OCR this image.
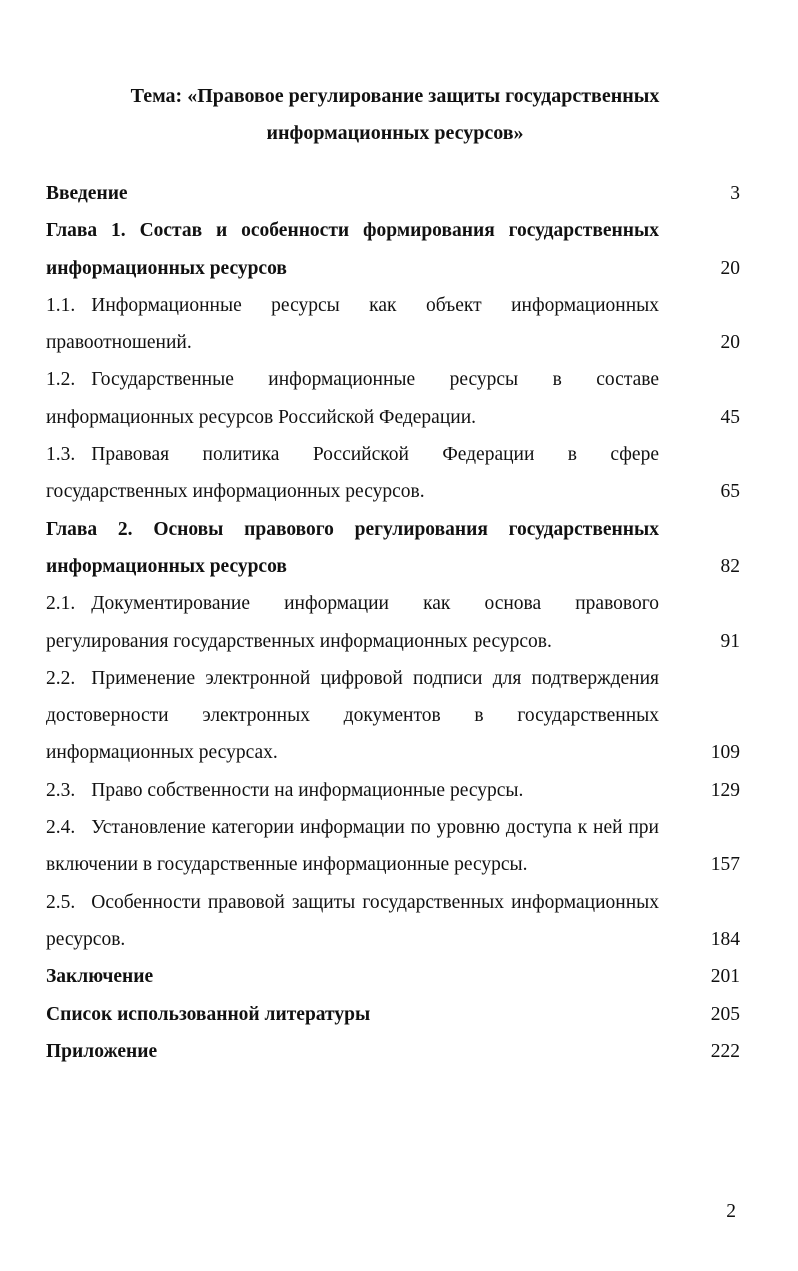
Тема: «Правовое регулирование защиты государственных
информационных ресурсов»
Введение	3
Глава 1. Состав и особенности формирования государственных информационных ресурсов	20
1.1. Информационные ресурсы как объект информационных правоотношений.	20
1.2. Государственные информационные ресурсы в составе информационных ресурсов Российской Федерации.	45
1.3. Правовая политика Российской Федерации в сфере государственных информационных ресурсов.	65
Глава 2. Основы правового регулирования государственных информационных ресурсов	82
2.1. Документирование информации как основа правового регулирования государственных информационных ресурсов.	91
2.2. Применение электронной цифровой подписи для подтверждения достоверности электронных документов в государственных информационных ресурсах.	109
2.3. Право собственности на информационные ресурсы.	129
2.4. Установление категории информации по уровню доступа к ней при включении в государственные информационные ресурсы.	157
2.5. Особенности правовой защиты государственных информационных ресурсов.	184
Заключение	201
Список использованной литературы	205
Приложение	222
2
